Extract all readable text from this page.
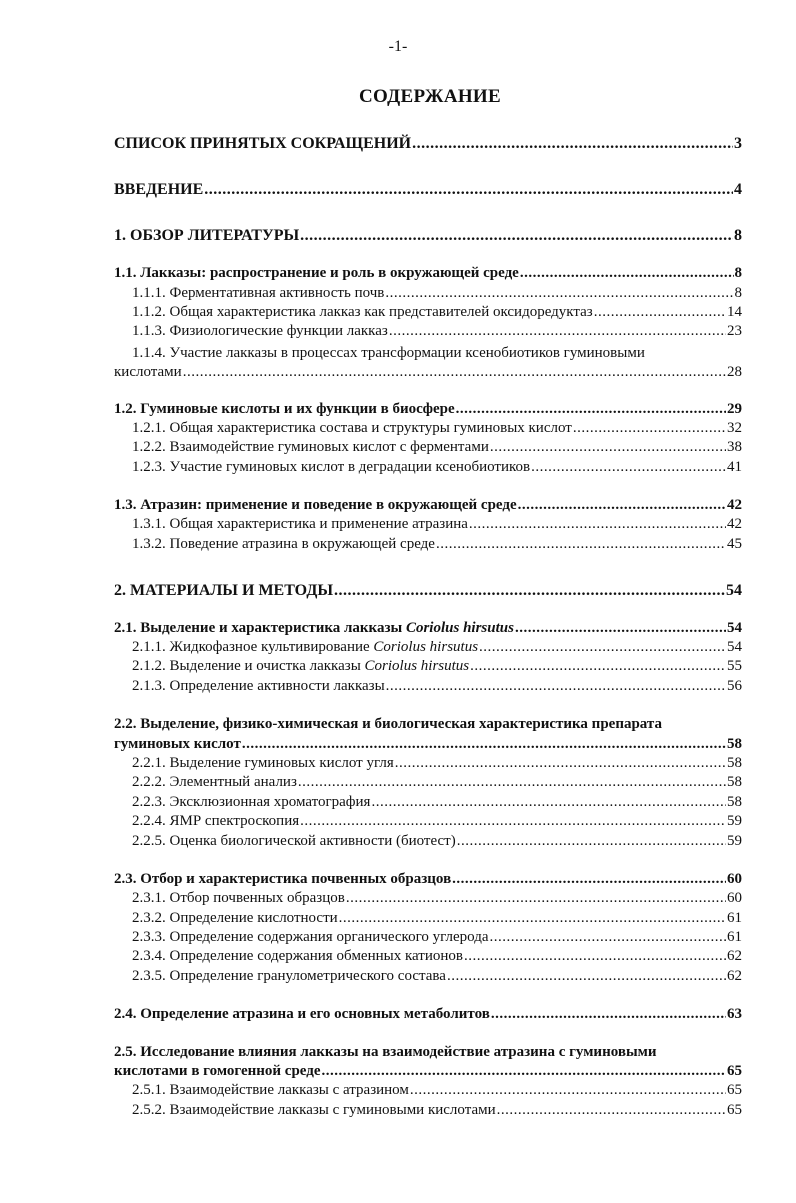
-1-
СОДЕРЖАНИЕ
СПИСОК ПРИНЯТЫХ СОКРАЩЕНИЙ .....	3
ВВЕДЕНИЕ .....	4
1. ОБЗОР ЛИТЕРАТУРЫ .....	8
1.1. Лакказы: распространение и роль в окружающей среде .....	8
1.1.1. Ферментативная активность почв .....	8
1.1.2. Общая характеристика лакказ как представителей оксидоредуктаз .....	14
1.1.3. Физиологические функции лакказ .....	23
1.1.4. Участие лакказы в процессах трансформации ксенобиотиков гуминовыми
кислотами .....	28
1.2. Гуминовые кислоты и их функции в биосфере .....	29
1.2.1. Общая характеристика состава и структуры гуминовых кислот .....	32
1.2.2. Взаимодействие гуминовых кислот с ферментами .....	38
1.2.3. Участие гуминовых кислот в деградации ксенобиотиков .....	41
1.3. Атразин: применение и поведение в окружающей среде .....	42
1.3.1. Общая характеристика и применение атразина .....	42
1.3.2. Поведение атразина в окружающей среде .....	45
2. МАТЕРИАЛЫ И МЕТОДЫ .....	54
2.1. Выделение и характеристика лакказы Coriolus hirsutus .....	54
2.1.1. Жидкофазное культивирование Coriolus hirsutus .....	54
2.1.2. Выделение и очистка лакказы Coriolus hirsutus .....	55
2.1.3. Определение активности лакказы .....	56
2.2. Выделение, физико-химическая и биологическая характеристика препарата
гуминовых кислот .....	58
2.2.1. Выделение гуминовых кислот угля .....	58
2.2.2. Элементный анализ .....	58
2.2.3. Эксклюзионная хроматография .....	58
2.2.4. ЯМР спектроскопия .....	59
2.2.5. Оценка биологической активности (биотест) .....	59
2.3. Отбор и характеристика почвенных образцов .....	60
2.3.1. Отбор почвенных образцов .....	60
2.3.2. Определение кислотности .....	61
2.3.3. Определение содержания органического углерода .....	61
2.3.4. Определение содержания обменных катионов .....	62
2.3.5. Определение гранулометрического состава .....	62
2.4. Определение атразина и его основных метаболитов .....	63
2.5. Исследование влияния лакказы на взаимодействие атразина с гуминовыми
кислотами в гомогенной среде .....	65
2.5.1. Взаимодействие лакказы с атразином .....	65
2.5.2. Взаимодействие лакказы с гуминовыми кислотами .....	65
